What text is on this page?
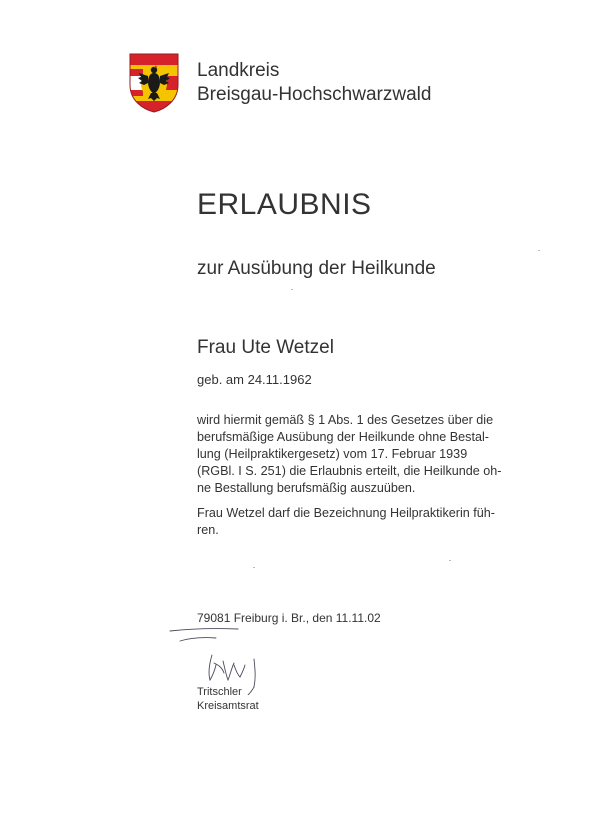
Landkreis
Breisgau-Hochschwarzwald
ERLAUBNIS
zur Ausübung der Heilkunde
Frau Ute Wetzel
geb. am 24.11.1962
wird hiermit gemäß § 1 Abs. 1 des Gesetzes über die
berufsmäßige Ausübung der Heilkunde ohne Bestal-
lung (Heilpraktikergesetz) vom 17. Februar 1939
(RGBl. I S. 251) die Erlaubnis erteilt, die Heilkunde oh-
ne Bestallung berufsmäßig auszuüben.
Frau Wetzel darf die Bezeichnung Heilpraktikerin füh-
ren.
79081 Freiburg i. Br., den 11.11.02
Tritschler
Kreisamtsrat
